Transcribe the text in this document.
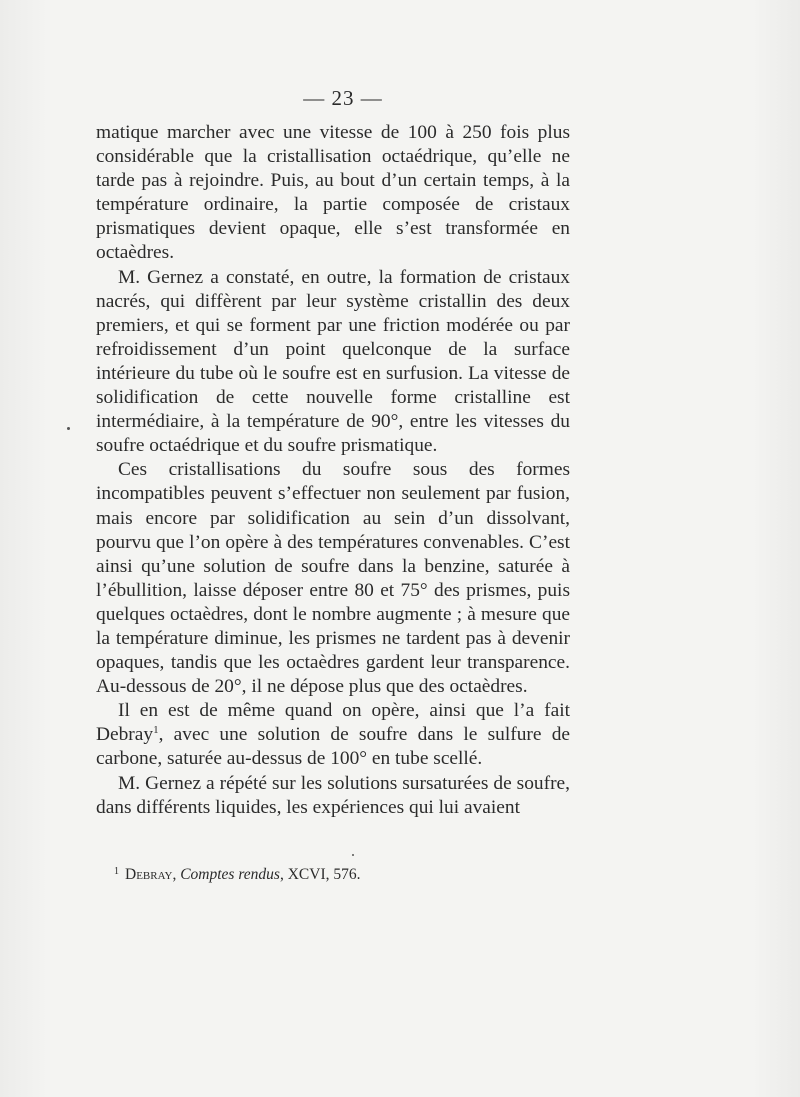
— 23 —

matique marcher avec une vitesse de 100 à 250 fois plus considérable que la cristallisation octaédrique, qu’elle ne tarde pas à rejoindre. Puis, au bout d’un certain temps, à la température ordinaire, la partie composée de cristaux prismatiques devient opaque, elle s’est transformée en octaèdres.

M. Gernez a constaté, en outre, la formation de cristaux nacrés, qui diffèrent par leur système cristallin des deux premiers, et qui se forment par une friction modérée ou par refroidissement d’un point quelconque de la surface intérieure du tube où le soufre est en surfusion. La vitesse de solidification de cette nouvelle forme cristalline est intermédiaire, à la température de 90°, entre les vitesses du soufre octaédrique et du soufre prismatique.

Ces cristallisations du soufre sous des formes incompatibles peuvent s’effectuer non seulement par fusion, mais encore par solidification au sein d’un dissolvant, pourvu que l’on opère à des températures convenables. C’est ainsi qu’une solution de soufre dans la benzine, saturée à l’ébullition, laisse déposer entre 80 et 75° des prismes, puis quelques octaèdres, dont le nombre augmente ; à mesure que la température diminue, les prismes ne tardent pas à devenir opaques, tandis que les octaèdres gardent leur transparence. Au-dessous de 20°, il ne dépose plus que des octaèdres.

Il en est de même quand on opère, ainsi que l’a fait Debray$^1$, avec une solution de soufre dans le sulfure de carbone, saturée au-dessus de 100° en tube scellé.

M. Gernez a répété sur les solutions sursaturées de soufre, dans différents liquides, les expériences qui lui avaient

$^1$ Debray, Comptes rendus, XCVI, 576.
